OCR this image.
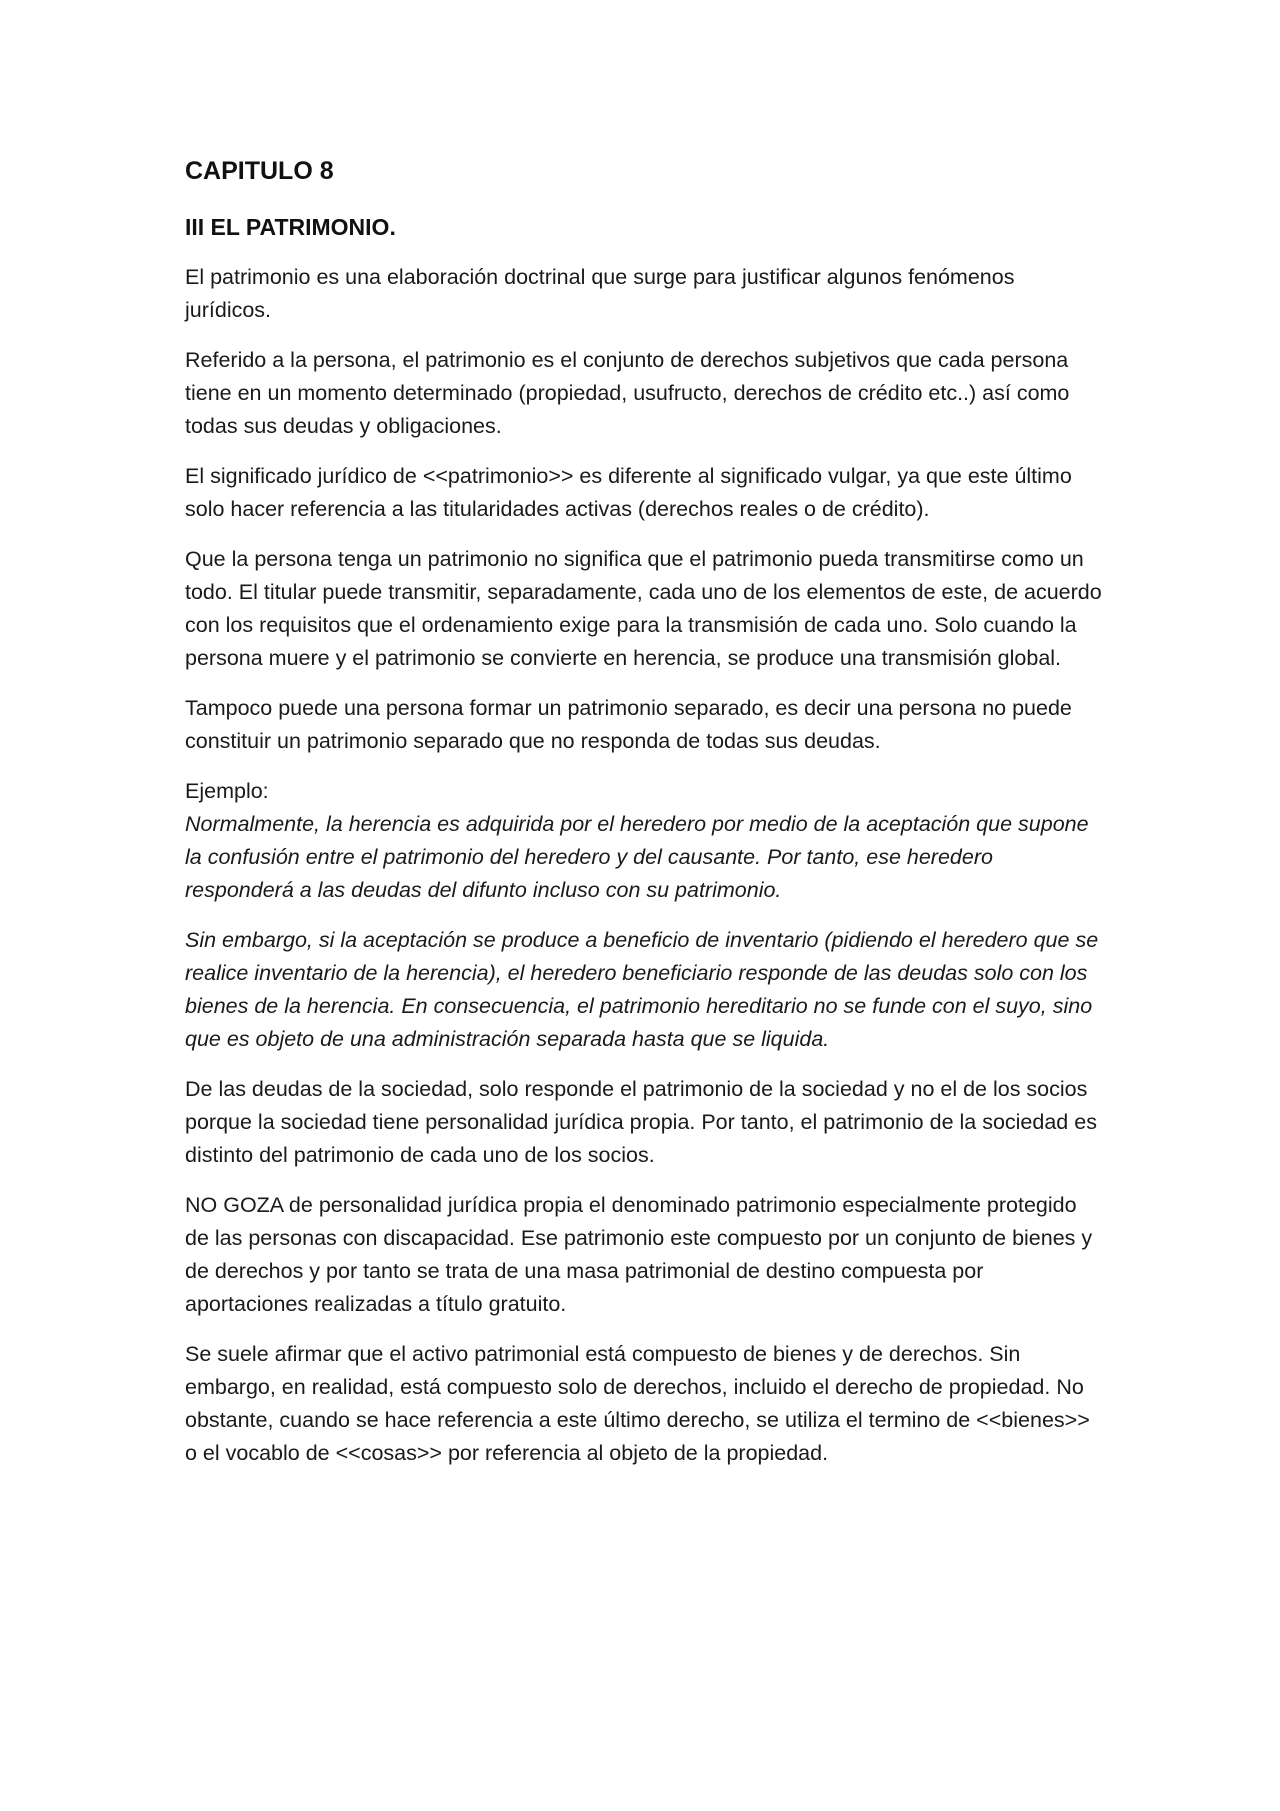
CAPITULO 8
III EL PATRIMONIO.

El patrimonio es una elaboración doctrinal que surge para justificar algunos fenómenos jurídicos.

Referido a la persona, el patrimonio es el conjunto de derechos subjetivos que cada persona tiene en un momento determinado (propiedad, usufructo, derechos de crédito etc..) así como todas sus deudas y obligaciones.

El significado jurídico de <<patrimonio>> es diferente al significado vulgar, ya que este último solo hacer referencia a las titularidades activas (derechos reales o de crédito).

Que la persona tenga un patrimonio no significa que el patrimonio pueda transmitirse como un todo. El titular puede transmitir, separadamente, cada uno de los elementos de este, de acuerdo con los requisitos que el ordenamiento exige para la transmisión de cada uno. Solo cuando la persona muere y el patrimonio se convierte en herencia, se produce una transmisión global.

Tampoco puede una persona formar un patrimonio separado, es decir una persona no puede constituir un patrimonio separado que no responda de todas sus deudas.

Ejemplo:
Normalmente, la herencia es adquirida por el heredero por medio de la aceptación que supone la confusión entre el patrimonio del heredero y del causante. Por tanto, ese heredero responderá a las deudas del difunto incluso con su patrimonio.

Sin embargo, si la aceptación se produce a beneficio de inventario (pidiendo el heredero que se realice inventario de la herencia), el heredero beneficiario responde de las deudas solo con los bienes de la herencia. En consecuencia, el patrimonio hereditario no se funde con el suyo, sino que es objeto de una administración separada hasta que se liquida.

De las deudas de la sociedad, solo responde el patrimonio de la sociedad y no el de los socios porque la sociedad tiene personalidad jurídica propia. Por tanto, el patrimonio de la sociedad es distinto del patrimonio de cada uno de los socios.

NO GOZA de personalidad jurídica propia el denominado patrimonio especialmente protegido de las personas con discapacidad. Ese patrimonio este compuesto por un conjunto de bienes y de derechos y por tanto se trata de una masa patrimonial de destino compuesta por aportaciones realizadas a título gratuito.

Se suele afirmar que el activo patrimonial está compuesto de bienes y de derechos. Sin embargo, en realidad, está compuesto solo de derechos, incluido el derecho de propiedad. No obstante, cuando se hace referencia a este último derecho, se utiliza el termino de <<bienes>> o el vocablo de <<cosas>> por referencia al objeto de la propiedad.
